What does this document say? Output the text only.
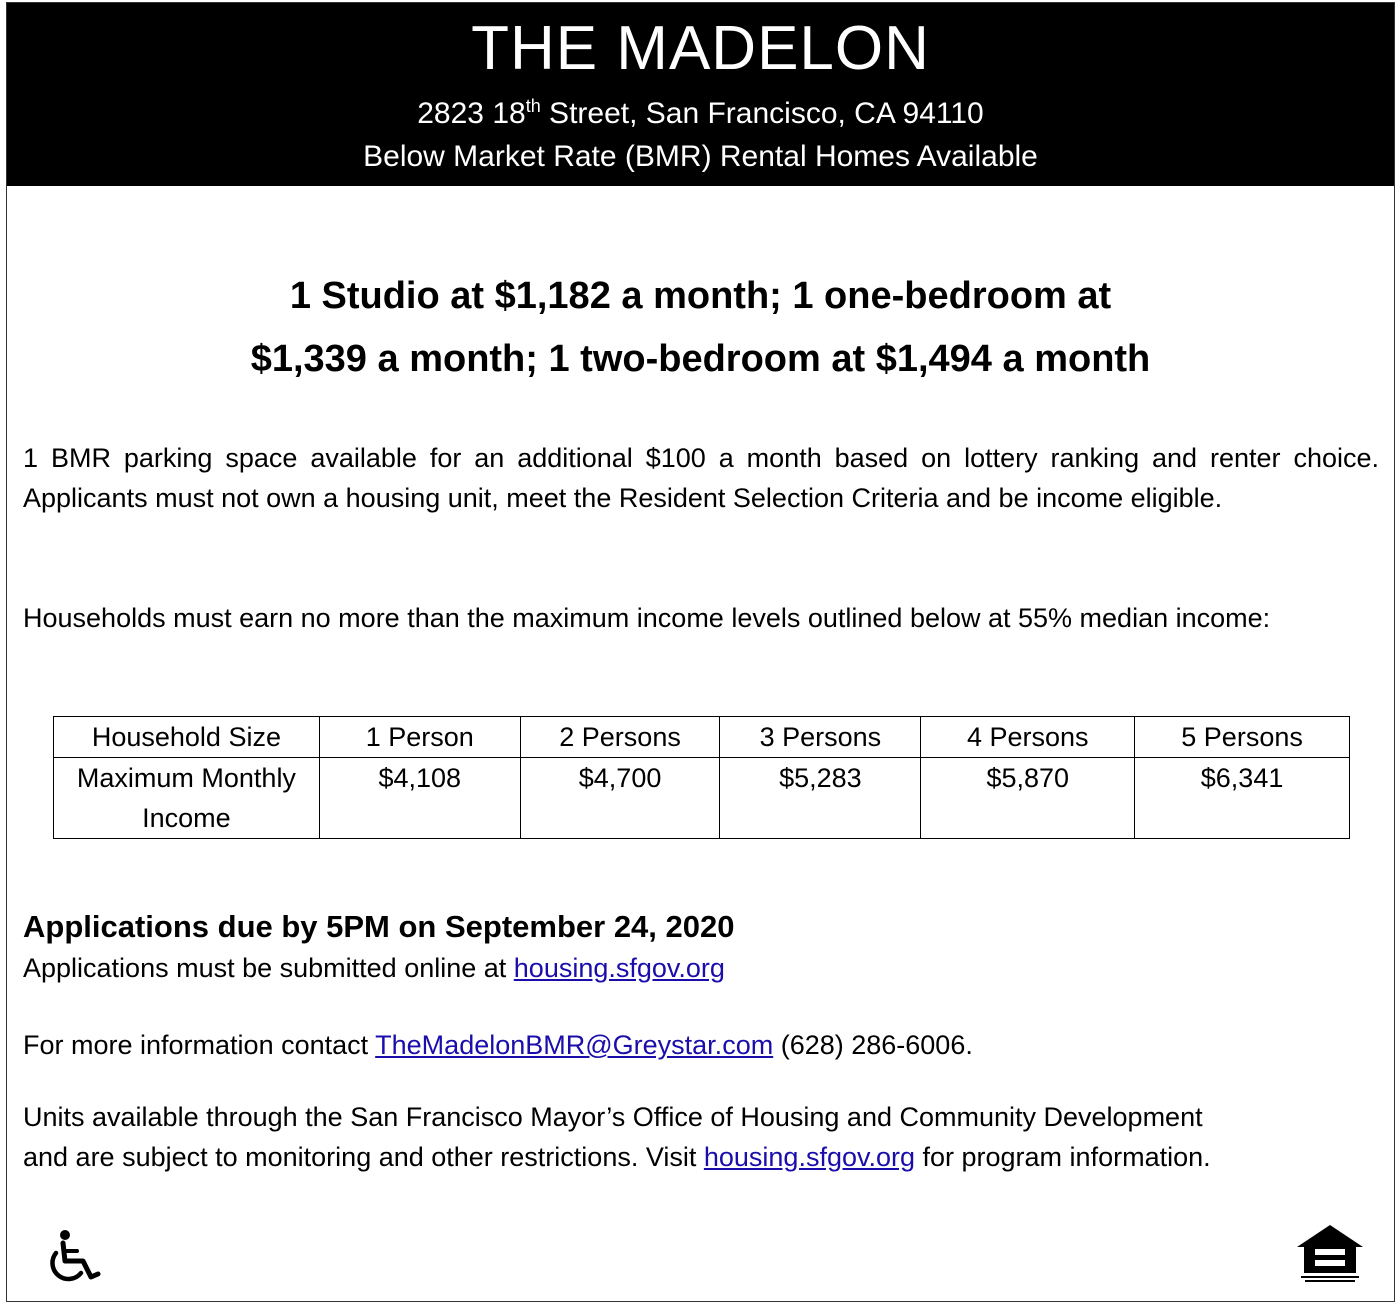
THE MADELON
2823 18th Street, San Francisco, CA 94110
Below Market Rate (BMR) Rental Homes Available
1 Studio at $1,182 a month; 1 one-bedroom at
$1,339 a month; 1 two-bedroom at $1,494 a month
1 BMR parking space available for an additional $100 a month based on lottery ranking and renter choice. Applicants must not own a housing unit, meet the Resident Selection Criteria and be income eligible.
Households must earn no more than the maximum income levels outlined below at 55% median income:
Household Size	1 Person	2 Persons	3 Persons	4 Persons	5 Persons
Maximum Monthly Income	$4,108	$4,700	$5,283	$5,870	$6,341
Applications due by 5PM on September 24, 2020
Applications must be submitted online at housing.sfgov.org
For more information contact TheMadelonBMR@Greystar.com (628) 286-6006.
Units available through the San Francisco Mayor’s Office of Housing and Community Development
and are subject to monitoring and other restrictions. Visit housing.sfgov.org for program information.
